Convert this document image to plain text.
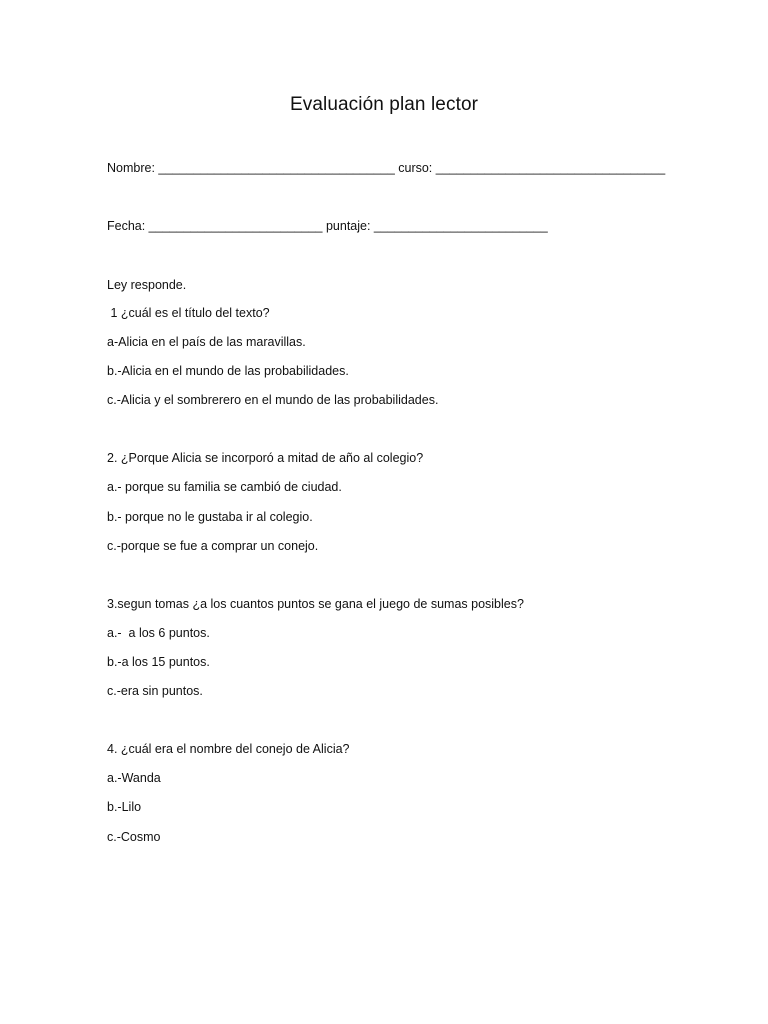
Evaluación plan lector
Nombre: __________________________________ curso: _________________________________
Fecha: _________________________ puntaje: _________________________
Ley responde.
1 ¿cuál es el título del texto?
a-Alicia en el país de las maravillas.
b.-Alicia en el mundo de las probabilidades.
c.-Alicia y el sombrerero en el mundo de las probabilidades.
2. ¿Porque Alicia se incorporó a mitad de año al colegio?
a.- porque su familia se cambió de ciudad.
b.- porque no le gustaba ir al colegio.
c.-porque se fue a comprar un conejo.
3.segun tomas ¿a los cuantos puntos se gana el juego de sumas posibles?
a.-  a los 6 puntos.
b.-a los 15 puntos.
c.-era sin puntos.
4. ¿cuál era el nombre del conejo de Alicia?
a.-Wanda
b.-Lilo
c.-Cosmo
